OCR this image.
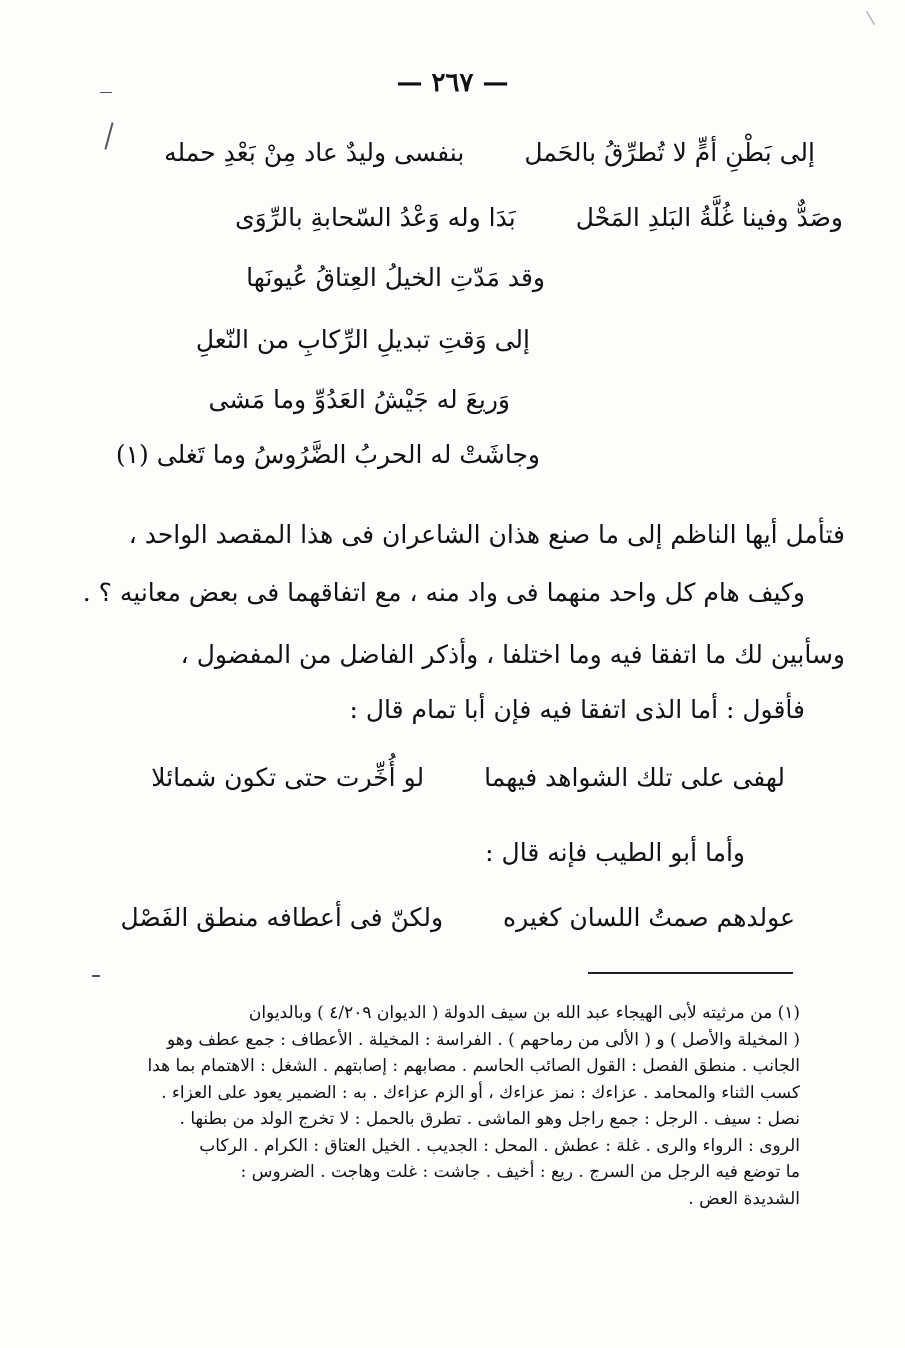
— ٢٦٧ —
إلى بَطْنِ أمٍّ لا تُطرِّقُ بالحَملبنفسى وليدٌ عاد مِنْ بَعْدِ حمله
وصَدٌّ وفينا غُلَّةُ البَلدِ المَحْلبَدَا وله وَعْدُ السّحابةِ بالرِّوَى
وقد مَدّتِ الخيلُ العِتاقُ عُيونَها
إلى وَقتِ تبديلِ الرِّكابِ من النّعلِ
وَريعَ له جَيْشُ العَدُوِّ وما مَشى
وجاشَتْ له الحربُ الضَّرُوسُ وما تَغلى (١)
فتأمل أيها الناظم إلى ما صنع هذان الشاعران فى هذا المقصد الواحد ،
وكيف هام كل واحد منهما فى واد منه ، مع اتفاقهما فى بعض معانيه ؟ .
وسأبين لك ما اتفقا فيه وما اختلفا ، وأذكر الفاضل من المفضول ،
فأقول : أما الذى اتفقا فيه فإن أبا تمام قال :
لهفى على تلك الشواهد فيهمالو أُخِّرت حتى تكون شمائلا
وأما أبو الطيب فإنه قال :
عولدهم صمتُ اللسان كغيرهولكنّ فى أعطافه منطق الفَصْل
(١) من مرثيته لأبى الهيجاء عبد الله بن سيف الدولة ( الديوان ٤/٢٠٩ ) وبالديوان
( المخيلة والأصل ) و ( الألى من رماحهم ) . الفراسة : المخيلة . الأعطاف : جمع عطف وهو
الجانب . منطق الفصل : القول الصائب الحاسم . مصابهم : إصابتهم . الشغل : الاهتمام بما هدا
كسب الثناء والمحامد . عزاءك : نمز عزاءك ، أو الزم عزاءك . به : الضمير يعود على العزاء .
نصل : سيف . الرجل : جمع راجل وهو الماشى . تطرق بالحمل : لا تخرج الولد من بطنها .
الروى : الرواء والرى . غلة : عطش . المحل : الجديب . الخيل العتاق : الكرام . الركاب
ما توضع فيه الرجل من السرج . ريع : أخيف . جاشت : غلت وهاجت . الضروس :
الشديدة العض .
